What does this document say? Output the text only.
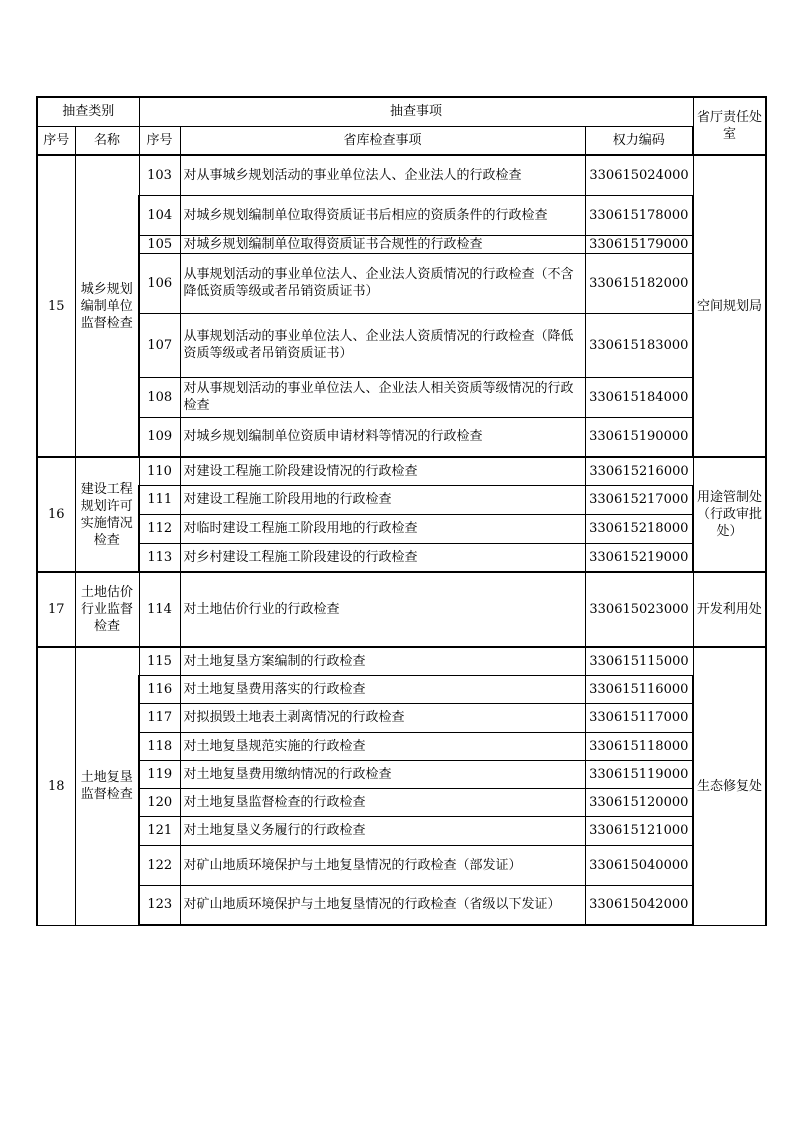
抽查类别		抽查事项			省厅责任处室
序号	名称	序号	省库检查事项	权力编码	
15	城乡规划编制单位监督检查	103	对从事城乡规划活动的事业单位法人、企业法人的行政检查	330615024000	空间规划局
		104	对城乡规划编制单位取得资质证书后相应的资质条件的行政检查	330615178000	
		105	对城乡规划编制单位取得资质证书合规性的行政检查	330615179000	
		106	从事规划活动的事业单位法人、企业法人资质情况的行政检查（不含降低资质等级或者吊销资质证书）	330615182000	
		107	从事规划活动的事业单位法人、企业法人资质情况的行政检查（降低资质等级或者吊销资质证书）	330615183000	
		108	对从事规划活动的事业单位法人、企业法人相关资质等级情况的行政检查	330615184000	
		109	对城乡规划编制单位资质申请材料等情况的行政检查	330615190000	
16	建设工程规划许可实施情况检查	110	对建设工程施工阶段建设情况的行政检查	330615216000	用途管制处（行政审批处）
		111	对建设工程施工阶段用地的行政检查	330615217000	
		112	对临时建设工程施工阶段用地的行政检查	330615218000	
		113	对乡村建设工程施工阶段建设的行政检查	330615219000	
17	土地估价行业监督检查	114	对土地估价行业的行政检查	330615023000	开发利用处
18	土地复垦监督检查	115	对土地复垦方案编制的行政检查	330615115000	生态修复处
		116	对土地复垦费用落实的行政检查	330615116000	
		117	对拟损毁土地表土剥离情况的行政检查	330615117000	
		118	对土地复垦规范实施的行政检查	330615118000	
		119	对土地复垦费用缴纳情况的行政检查	330615119000	
		120	对土地复垦监督检查的行政检查	330615120000	
		121	对土地复垦义务履行的行政检查	330615121000	
		122	对矿山地质环境保护与土地复垦情况的行政检查（部发证）	330615040000	
		123	对矿山地质环境保护与土地复垦情况的行政检查（省级以下发证）	330615042000	
